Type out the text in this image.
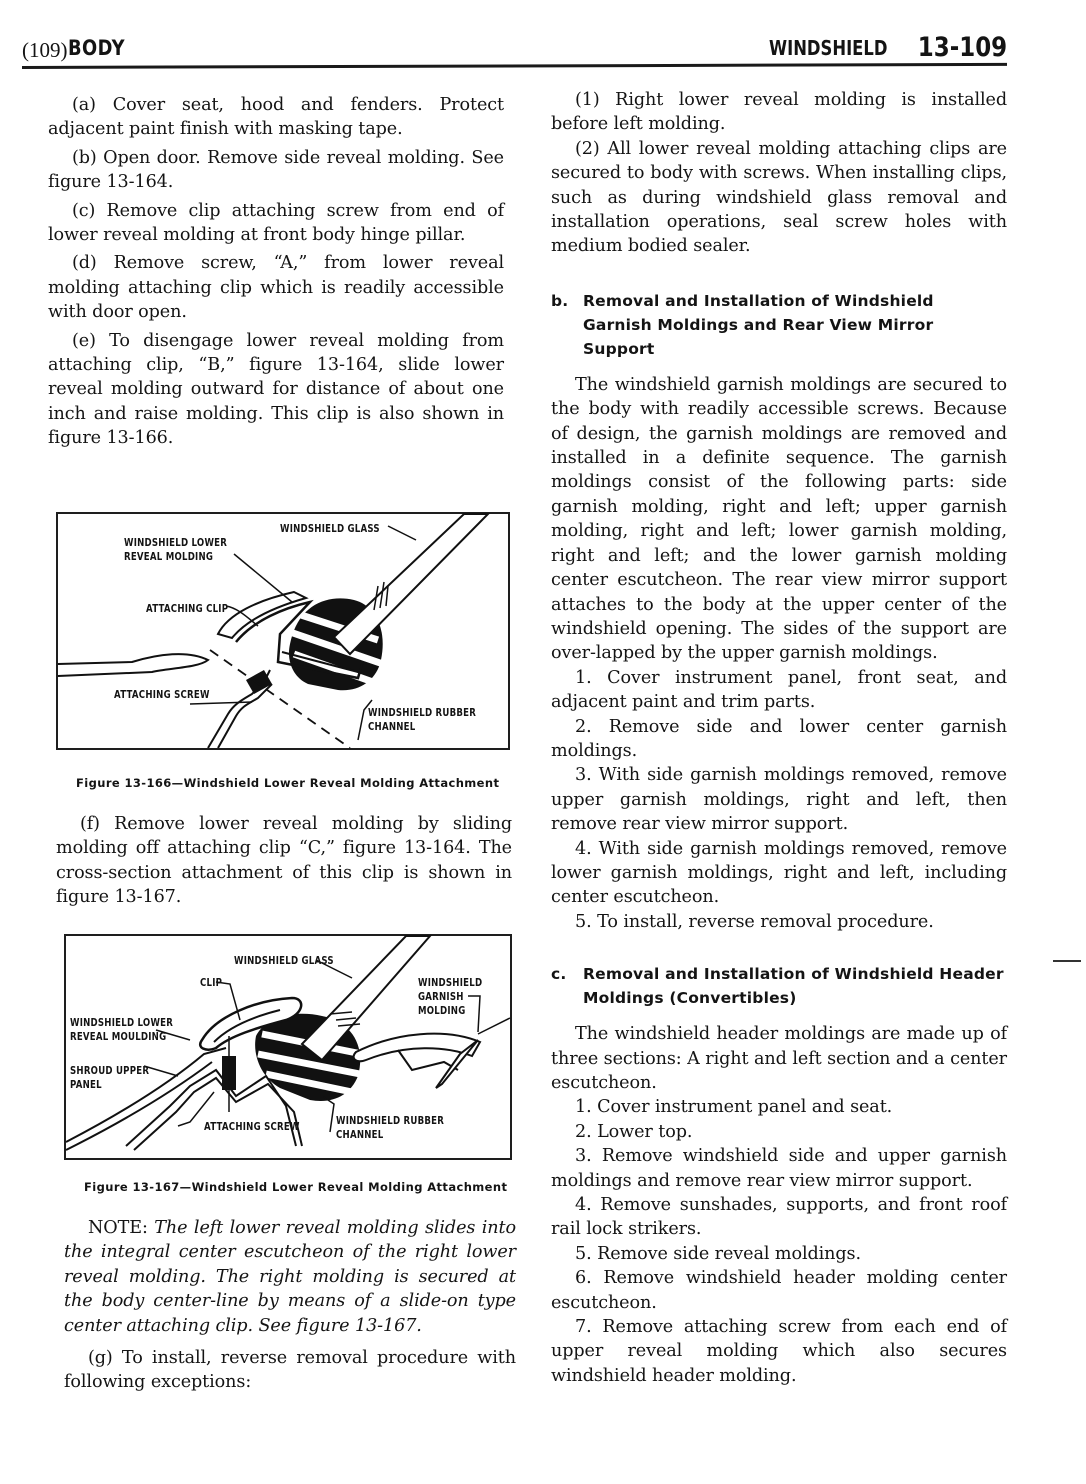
(109) BODY	WINDSHIELD 13-109

(a) Cover seat, hood and fenders. Protect adjacent paint finish with masking tape.

(b) Open door. Remove side reveal molding. See figure 13-164.

(c) Remove clip attaching screw from end of lower reveal molding at front body hinge pillar.

(d) Remove screw, “A,” from lower reveal molding attaching clip which is readily accessible with door open.

(e) To disengage lower reveal molding from attaching clip, “B,” figure 13-164, slide lower reveal molding outward for distance of about one inch and raise molding. This clip is also shown in figure 13-166.

WINDSHIELD LOWER
REVEAL MOLDING
WINDSHIELD GLASS
ATTACHING CLIP
ATTACHING SCREW
WINDSHIELD RUBBER
CHANNEL
Figure 13-166—Windshield Lower Reveal Molding Attachment

(f) Remove lower reveal molding by sliding molding off attaching clip “C,” figure 13-164. The cross-section attachment of this clip is shown in figure 13-167.

WINDSHIELD GLASS
CLIP	WINDSHIELD
GARNISH
MOLDING
WINDSHIELD LOWER
REVEAL MOULDING
SHROUD UPPER
PANEL
ATTACHING SCREW	WINDSHIELD RUBBER
CHANNEL
Figure 13-167—Windshield Lower Reveal Molding Attachment

NOTE: The left lower reveal molding slides into the integral center escutcheon of the right lower reveal molding. The right molding is secured at the body center-line by means of a slide-on type center attaching clip. See figure 13-167.

(g) To install, reverse removal procedure with following exceptions:

(1) Right lower reveal molding is installed before left molding.

(2) All lower reveal molding attaching clips are secured to body with screws. When installing clips, such as during windshield glass removal and installation operations, seal screw holes with medium bodied sealer.

b. Removal and Installation of Windshield Garnish Moldings and Rear View Mirror Support

The windshield garnish moldings are secured to the body with readily accessible screws. Because of design, the garnish moldings are removed and installed in a definite sequence. The garnish moldings consist of the following parts: side garnish molding, right and left; upper garnish molding, right and left; lower garnish molding, right and left; and the lower garnish molding center escutcheon. The rear view mirror support attaches to the body at the upper center of the windshield opening. The sides of the support are over-lapped by the upper garnish moldings.

1. Cover instrument panel, front seat, and adjacent paint and trim parts.

2. Remove side and lower center garnish moldings.

3. With side garnish moldings removed, remove upper garnish moldings, right and left, then remove rear view mirror support.

4. With side garnish moldings removed, remove lower garnish moldings, right and left, including center escutcheon.

5. To install, reverse removal procedure.

c. Removal and Installation of Windshield Header Moldings (Convertibles)

The windshield header moldings are made up of three sections: A right and left section and a center escutcheon.

1. Cover instrument panel and seat.

2. Lower top.

3. Remove windshield side and upper garnish moldings and remove rear view mirror support.

4. Remove sunshades, supports, and front roof rail lock strikers.

5. Remove side reveal moldings.

6. Remove windshield header molding center escutcheon.

7. Remove attaching screw from each end of upper reveal molding which also secures windshield header molding.
